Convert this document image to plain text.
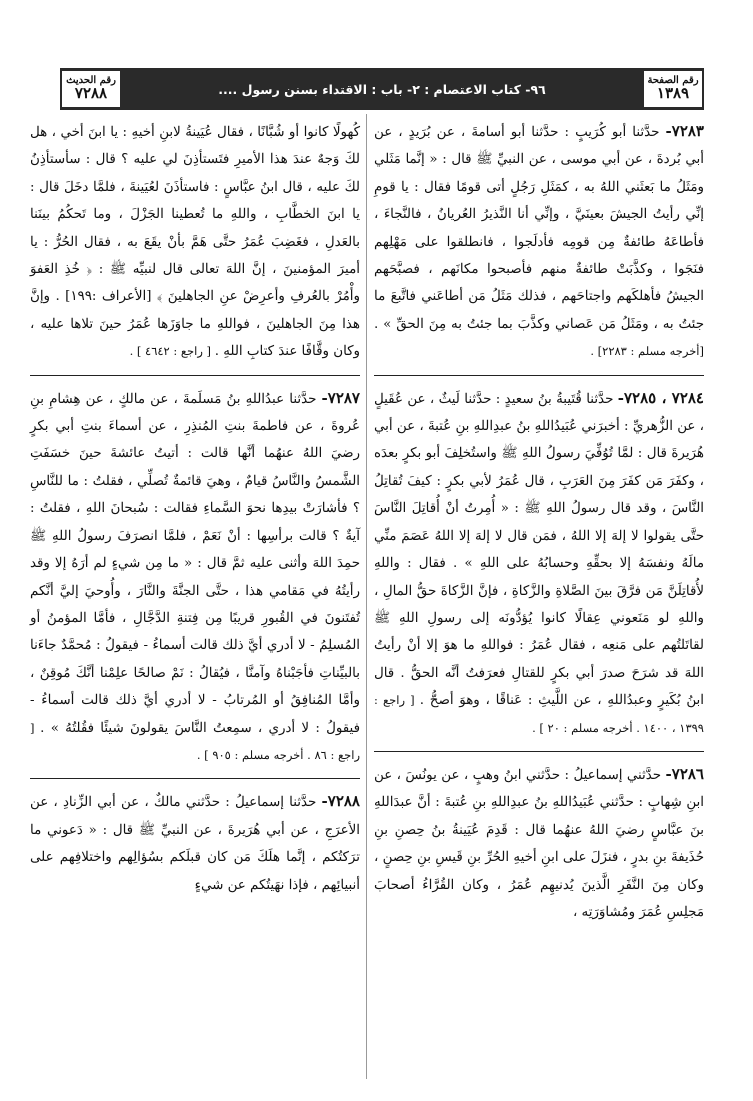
رقم الصفحة
١٣٨٩
٩٦- كتاب الاعتصام : ٢- باب : الاقتداء بسنن رسول ....
رقم الحديث
٧٢٨٨

٧٢٨٣- حدَّثنا أبو كُرَيبٍ : حدَّثنا أبو أسامةَ ، عن بُرَيدٍ ، عن أبي بُردةَ ، عن أبي موسى ، عن النبيِّ ﷺ قال : « إنَّما مَثَلي ومَثَلُ ما بَعثَني اللهُ به ، كمَثَلِ رَجُلٍ أتى قومًا فقال : يا قومِ إنِّي رأيتُ الجيشَ بعينَيَّ ، وإنِّي أنا النَّذيرُ العُريانُ ، فالنَّجاءَ ، فأطاعَهُ طائفةٌ مِن قومِه فأدلَجوا ، فانطلقوا على مَهْلِهم فنَجَوا ، وكذَّبَتْ طائفةٌ منهم فأصبحوا مكانَهم ، فصبَّحَهم الجيشُ فأهلكَهم واجتاحَهم ، فذلك مَثَلُ مَن أطاعَني فاتَّبعَ ما جئتُ به ، ومَثَلُ مَن عَصاني وكذَّبَ بما جئتُ به مِنَ الحقِّ » . [أخرجه مسلم : ٢٢٨٣] .

٧٢٨٤ ، ٧٢٨٥- حدَّثنا قُتَيبةُ بنُ سعيدٍ : حدَّثنا لَيثٌ ، عن عُقَيلٍ ، عن الزُّهريِّ : أخبرَني عُبَيدُاللهِ بنُ عبدِاللهِ بنِ عُتبةَ ، عن أبي هُرَيرةَ قال : لمَّا تُوُفِّيَ رسولُ اللهِ ﷺ واستُخلِفَ أبو بكرٍ بعدَه ، وكفَرَ مَن كفَرَ مِنَ العَرَبِ ، قال عُمَرُ لأبي بكرٍ : كيفَ تُقاتِلُ النَّاسَ ، وقد قال رسولُ اللهِ ﷺ : « أُمِرتُ أنْ أُقاتِلَ النَّاسَ حتَّى يقولوا لا إلهَ إلا اللهُ ، فمَن قال لا إلهَ إلا اللهُ عَصَمَ منِّي مالَهُ ونفسَهُ إلا بحقِّهِ وحسابُهُ على اللهِ » . فقال : واللهِ لأُقاتِلَنَّ مَن فرَّقَ بينَ الصَّلاةِ والزَّكاةِ ، فإنَّ الزَّكاةَ حقُّ المالِ ، واللهِ لو مَنَعوني عِقالًا كانوا يُؤدُّونَه إلى رسولِ اللهِ ﷺ لقاتَلتُهم على مَنعِه ، فقال عُمَرُ : فواللهِ ما هوَ إلا أنْ رأيتُ اللهَ قد شرَحَ صدرَ أبي بكرٍ للقتالِ فعرَفتُ أنَّه الحقُّ . قال ابنُ بُكَيرٍ وعبدُاللهِ ، عن اللَّيثِ : عَناقًا ، وهوَ أصحُّ . [ راجع : ١٣٩٩ ، ١٤٠٠ . أخرجه مسلم : ٢٠ ] .

٧٢٨٦- حدَّثني إسماعيلُ : حدَّثني ابنُ وهبٍ ، عن يونُسَ ، عن ابنِ شِهابٍ : حدَّثني عُبَيدُاللهِ بنُ عبدِاللهِ بنِ عُتبةَ : أنَّ عبدَاللهِ بنَ عبَّاسٍ رضيَ اللهُ عنهُما قال : قَدِمَ عُيَينةُ بنُ حِصنِ بنِ حُذَيفةَ بنِ بدرٍ ، فنزَلَ على ابنِ أخيهِ الحُرِّ بنِ قَيسِ بنِ حِصنٍ ، وكان مِنَ النَّفَرِ الَّذينَ يُدنيهِم عُمَرُ ، وكان القُرَّاءُ أصحابَ مَجلِسِ عُمَرَ ومُشاوَرَتِه ،

كُهولًا كانوا أو شُبَّانًا ، فقال عُيَينةُ لابنِ أخيهِ : يا ابنَ أخي ، هل لكَ وَجهٌ عندَ هذا الأميرِ فتَستأذِنَ لي عليه ؟ قال : سأستأذِنُ لكَ عليه ، قال ابنُ عبَّاسٍ : فاستأذَنَ لعُيَينةَ ، فلمَّا دخَلَ قال : يا ابنَ الخطَّابِ ، واللهِ ما تُعطينا الجَزْلَ ، وما تَحكُمُ بينَنا بالعَدلِ ، فغَضِبَ عُمَرُ حتَّى هَمَّ بأنْ يقَعَ به ، فقال الحُرُّ : يا أميرَ المؤمنينَ ، إنَّ اللهَ تعالى قال لنبيِّه ﷺ : ﴿ خُذِ العَفوَ وأْمُرْ بالعُرفِ وأعرِضْ عنِ الجاهلينَ ﴾ [الأعراف :١٩٩] . وإنَّ هذا مِنَ الجاهلينَ ، فواللهِ ما جاوَزَها عُمَرُ حينَ تلاها عليه ، وكان وقَّافًا عندَ كتابِ اللهِ . [ راجع : ٤٦٤٢ ] .

٧٢٨٧- حدَّثنا عبدُاللهِ بنُ مَسلَمةَ ، عن مالكٍ ، عن هِشامِ بنِ عُروةَ ، عن فاطمةَ بنتِ المُنذِرِ ، عن أسماءَ بنتِ أبي بكرٍ رضيَ اللهُ عنهُما أنَّها قالت : أتيتُ عائشةَ حينَ خسَفَتِ الشَّمسُ والنَّاسُ قيامٌ ، وهيَ قائمةٌ تُصلِّي ، فقلتُ : ما للنَّاسِ ؟ فأشارَتْ بيدِها نحوَ السَّماءِ فقالت : سُبحانَ اللهِ ، فقلتُ : آيةٌ ؟ قالت برأسِها : أنْ نَعَمْ ، فلمَّا انصرَفَ رسولُ اللهِ ﷺ حمِدَ اللهَ وأثنى عليه ثمَّ قال : « ما مِن شيءٍ لم أرَهُ إلا وقد رأيتُهُ في مَقامي هذا ، حتَّى الجنَّةَ والنَّارَ ، وأُوحيَ إليَّ أنَّكم تُفتَنونَ في القُبورِ قريبًا مِن فِتنةِ الدَّجَّالِ ، فأمَّا المؤمنُ أو المُسلِمُ - لا أدري أيَّ ذلك قالت أسماءُ - فيقولُ : مُحمَّدٌ جاءَنا بالبيِّناتِ فأجَبْناهُ وآمنَّا ، فيُقالُ : نَمْ صالحًا علِمْنا أنَّكَ مُوقِنٌ ، وأمَّا المُنافِقُ أو المُرتابُ - لا أدري أيَّ ذلك قالت أسماءُ - فيقولُ : لا أدري ، سمِعتُ النَّاسَ يقولونَ شيئًا فقُلتُهُ » . [ راجع : ٨٦ . أخرجه مسلم : ٩٠٥ ] .

٧٢٨٨- حدَّثنا إسماعيلُ : حدَّثني مالكٌ ، عن أبي الزِّنادِ ، عن الأعرَجِ ، عن أبي هُرَيرةَ ، عن النبيِّ ﷺ قال : « دَعوني ما ترَكتُكم ، إنَّما هلَكَ مَن كان قبلَكم بسُؤالِهم واختلافِهم على أنبيائِهم ، فإذا نهَيتُكم عن شيءٍ
